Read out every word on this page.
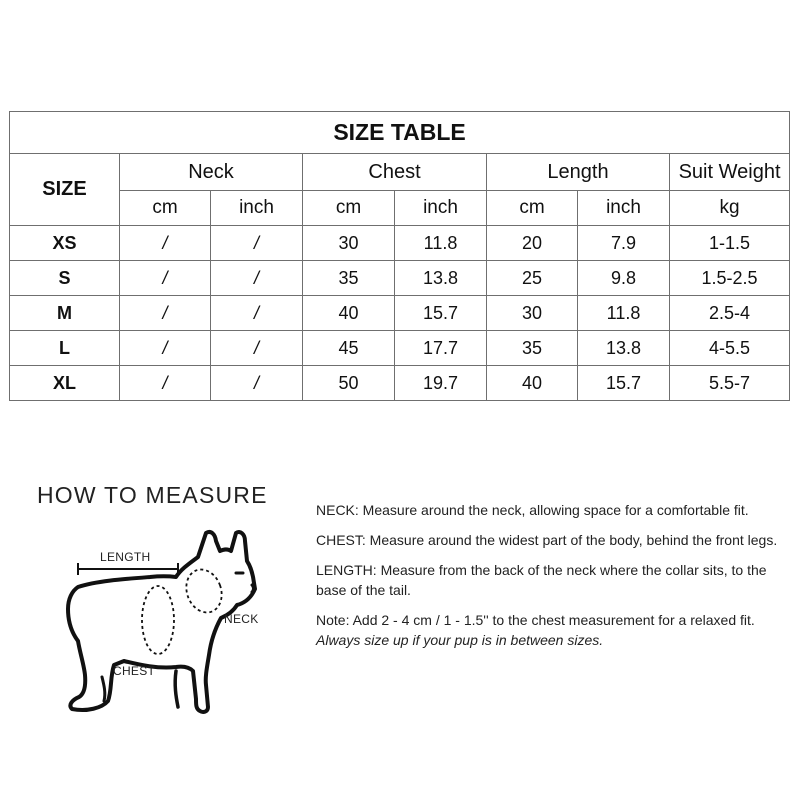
SIZE TABLE							
SIZE	Neck		Chest		Length		Suit Weight
	cm	inch	cm	inch	cm	inch	kg
XS	/	/	30	11.8	20	7.9	1-1.5
S	/	/	35	13.8	25	9.8	1.5-2.5
M	/	/	40	15.7	30	11.8	2.5-4
L	/	/	45	17.7	35	13.8	4-5.5
XL	/	/	50	19.7	40	15.7	5.5-7
HOW TO MEASURE
LENGTH
NECK
CHEST

NECK: Measure around the neck, allowing space for a comfortable fit.

CHEST: Measure around the widest part of the body, behind the front legs.

LENGTH: Measure from the back of the neck where the collar sits, to the base of the tail.

Note: Add 2 - 4 cm / 1 - 1.5'' to the chest measurement for a relaxed fit.
Always size up if your pup is in between sizes.
